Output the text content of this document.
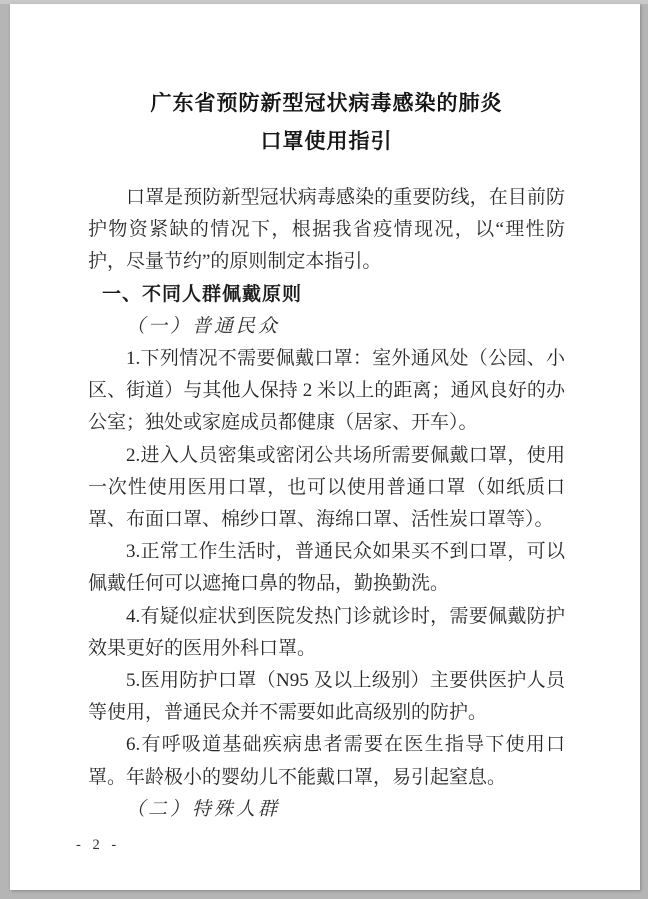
广东省预防新型冠状病毒感染的肺炎
口罩使用指引

口罩是预防新型冠状病毒感染的重要防线，在目前防护物资紧缺的情况下，根据我省疫情现况，以“理性防护，尽量节约”的原则制定本指引。

一、不同人群佩戴原则
（一）普通民众

1.下列情况不需要佩戴口罩：室外通风处（公园、小区、街道）与其他人保持 2 米以上的距离；通风良好的办公室；独处或家庭成员都健康（居家、开车）。

2.进入人员密集或密闭公共场所需要佩戴口罩，使用一次性使用医用口罩，也可以使用普通口罩（如纸质口罩、布面口罩、棉纱口罩、海绵口罩、活性炭口罩等）。

3.正常工作生活时，普通民众如果买不到口罩，可以佩戴任何可以遮掩口鼻的物品，勤换勤洗。

4.有疑似症状到医院发热门诊就诊时，需要佩戴防护效果更好的医用外科口罩。

5.医用防护口罩（N95 及以上级别）主要供医护人员等使用，普通民众并不需要如此高级别的防护。

6.有呼吸道基础疾病患者需要在医生指导下使用口罩。年龄极小的婴幼儿不能戴口罩，易引起窒息。

（二）特殊人群
- 2 -
